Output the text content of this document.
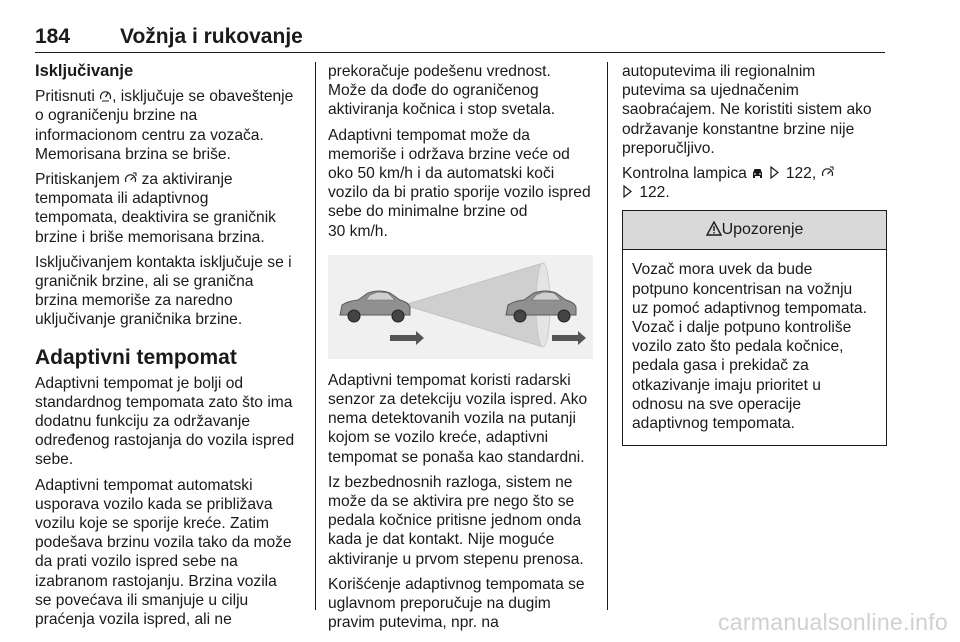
184 Vožnja i rukovanje
Isključivanje

Pritisnuti
, isključuje se obaveštenje
o ograničenju brzine na
informacionom centru za vozača.
Memorisana brzina se briše.

Pritiskanjem
za aktiviranje
tempomata ili adaptivnog
tempomata, deaktivira se graničnik
brzine i briše memorisana brzina.

Isključivanjem kontakta isključuje se i
graničnik brzine, ali se granična
brzina memoriše za naredno
uključivanje graničnika brzine.

Adaptivni tempomat

Adaptivni tempomat je bolji od
standardnog tempomata zato što ima
dodatnu funkciju za održavanje
određenog rastojanja do vozila ispred
sebe.

Adaptivni tempomat automatski
usporava vozilo kada se približava
vozilu koje se sporije kreće. Zatim
podešava brzinu vozila tako da može
da prati vozilo ispred sebe na
izabranom rastojanju. Brzina vozila
se povećava ili smanjuje u cilju
praćenja vozila ispred, ali ne

prekoračuje podešenu vrednost.
Može da dođe do ograničenog
aktiviranja kočnica i stop svetala.

Adaptivni tempomat može da
memoriše i održava brzine veće od
oko 50 km/h i da automatski koči
vozilo da bi pratio sporije vozilo ispred
sebe do minimalne brzine od
30 km/h.

Adaptivni tempomat koristi radarski
senzor za detekciju vozila ispred. Ako
nema detektovanih vozila na putanji
kojom se vozilo kreće, adaptivni
tempomat se ponaša kao standardni.

Iz bezbednosnih razloga, sistem ne
može da se aktivira pre nego što se
pedala kočnice pritisne jednom onda
kada je dat kontakt. Nije moguće
aktiviranje u prvom stepenu prenosa.

Korišćenje adaptivnog tempomata se
uglavnom preporučuje na dugim
pravim putevima, npr. na

autoputevima ili regionalnim
putevima sa ujednačenim
saobraćajem. Ne koristiti sistem ako
održavanje konstantne brzine nije
preporučljivo.

Kontrolna lampica

122,

122.

Upozorenje
Vozač mora uvek da bude
potpuno koncentrisan na vožnju
uz pomoć adaptivnog tempomata.
Vozač i dalje potpuno kontroliše
vozilo zato što pedala kočnice,
pedala gasa i prekidač za
otkazivanje imaju prioritet u
odnosu na sve operacije
adaptivnog tempomata.
carmanualsonline.info
